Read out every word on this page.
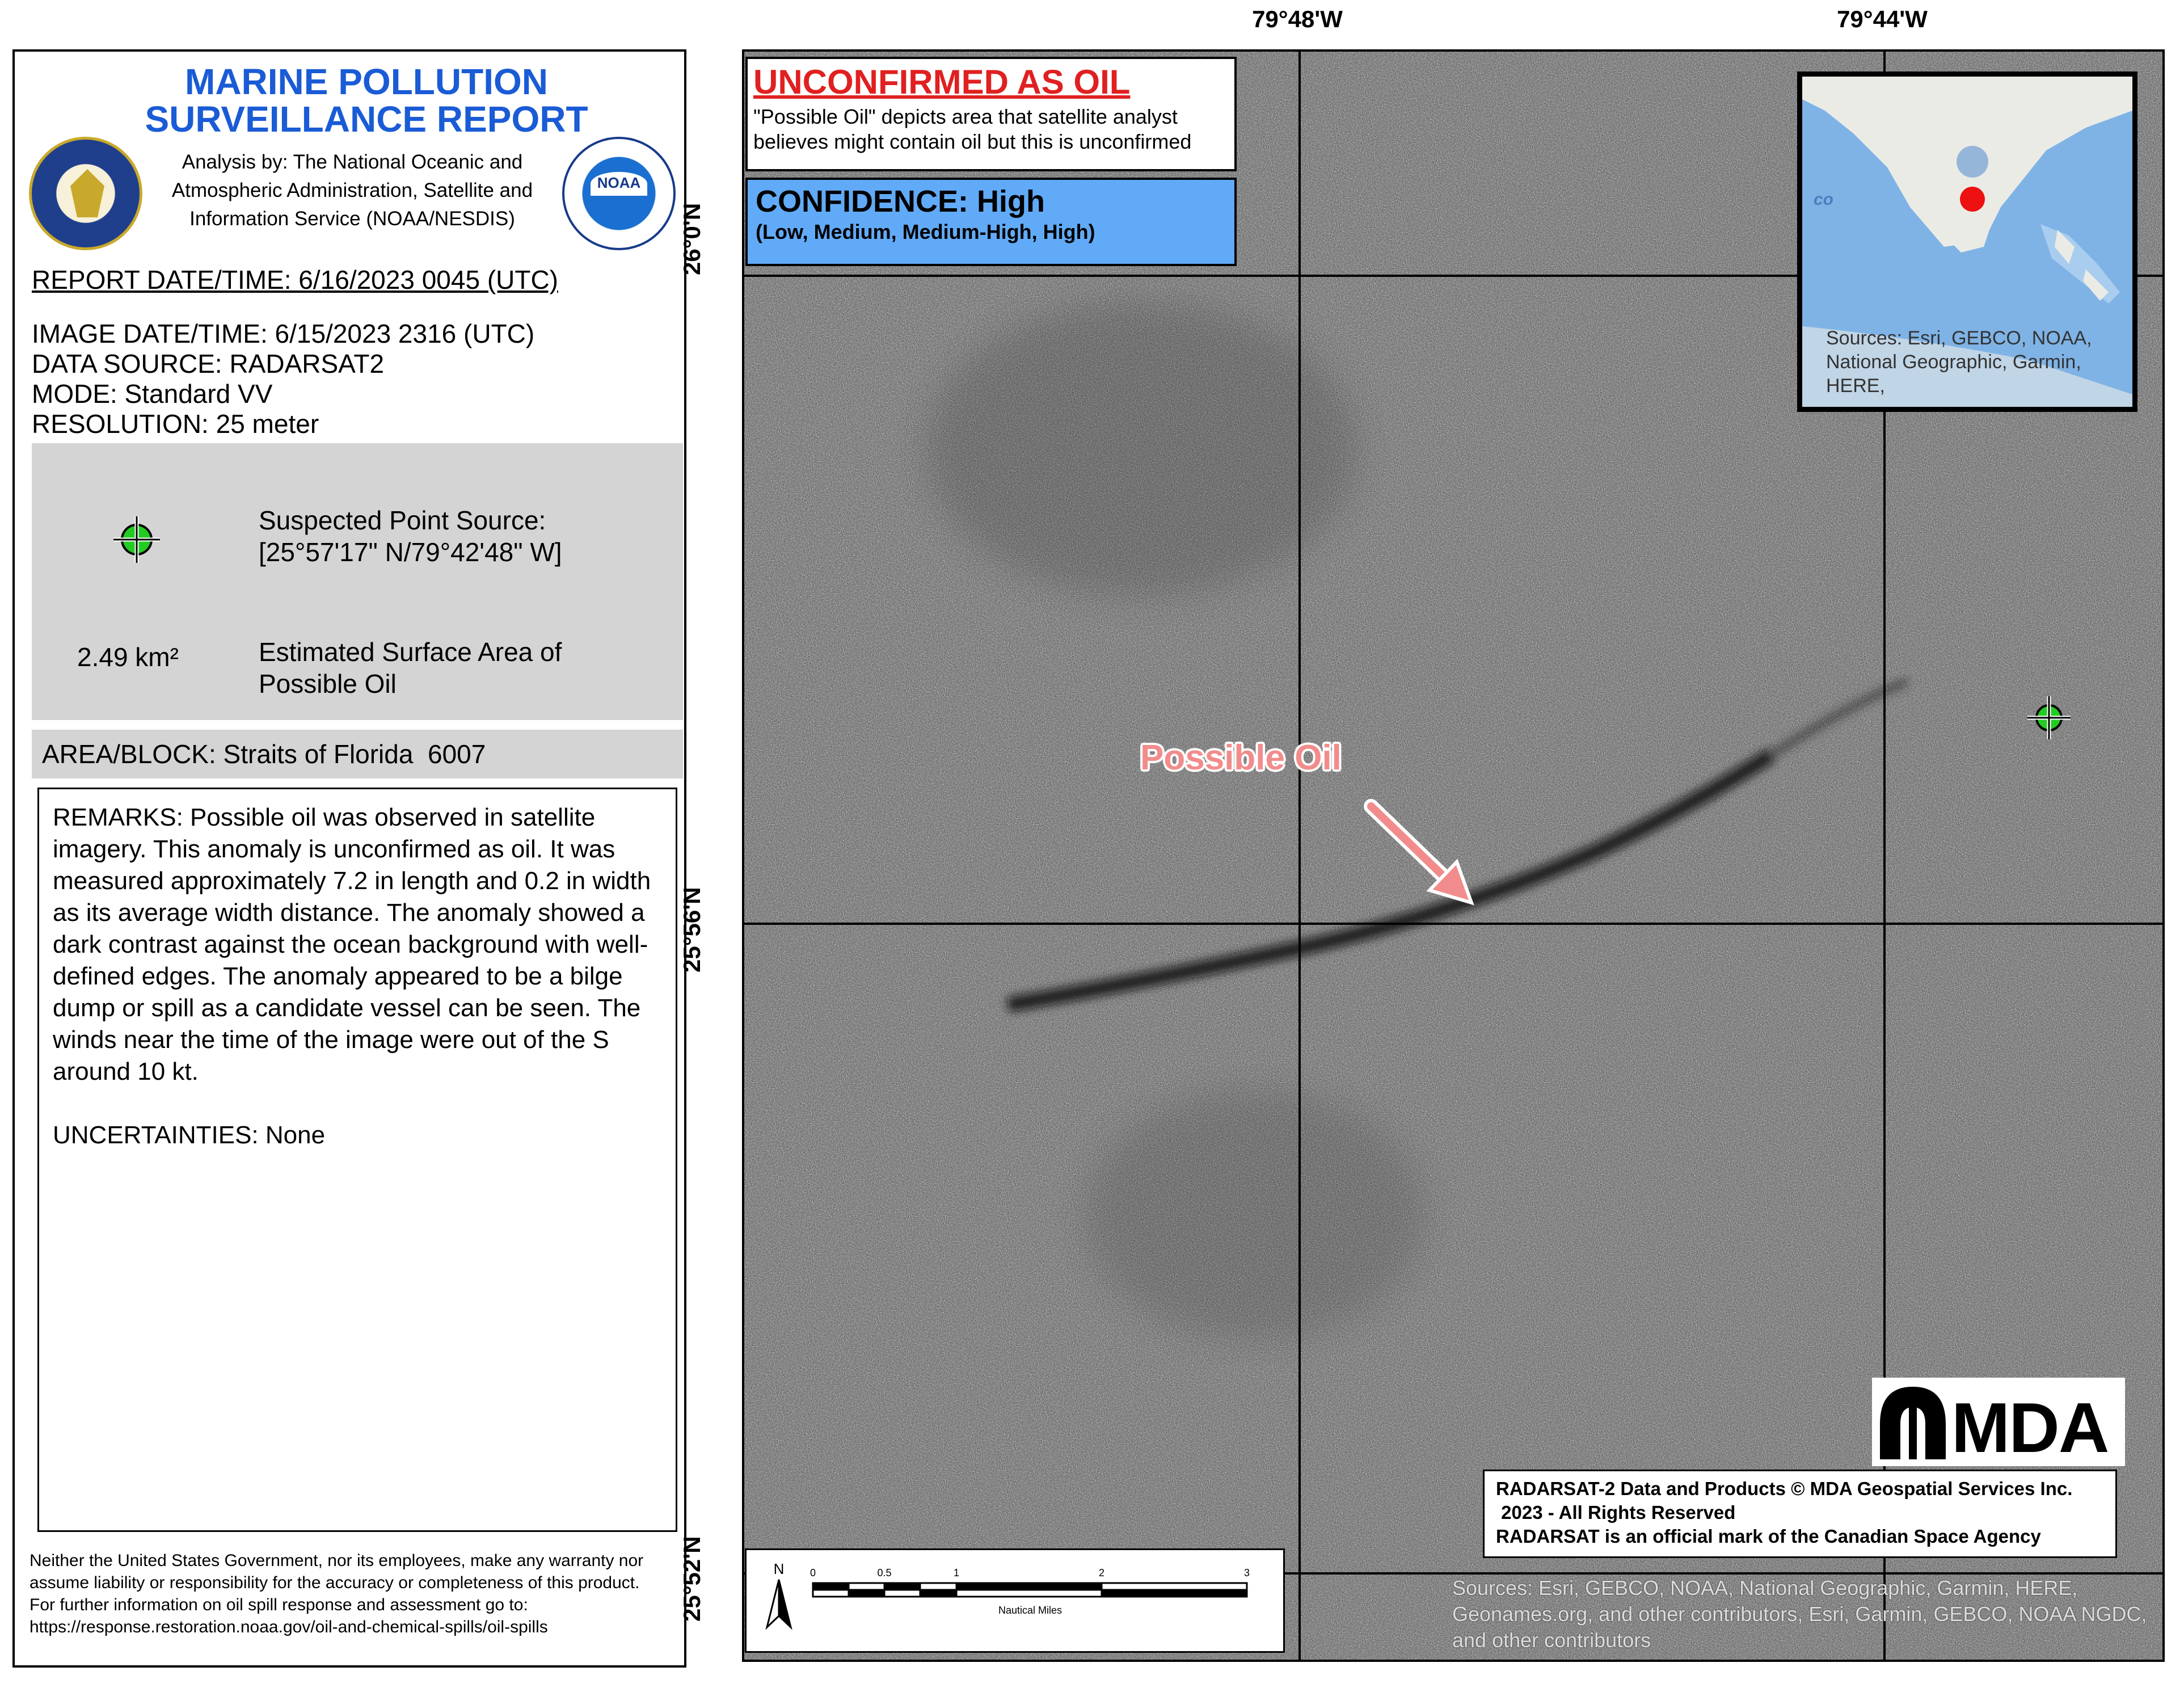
MARINE POLLUTION
SURVEILLANCE REPORT
Analysis by: The National Oceanic and Atmospheric Administration, Satellite and Information Service (NOAA/NESDIS)
NOAA
REPORT DATE/TIME: 6/16/2023 0045 (UTC)
IMAGE DATE/TIME: 6/15/2023 2316 (UTC)
DATA SOURCE: RADARSAT2
MODE: Standard VV
RESOLUTION: 25 meter
Suspected Point Source:
[25°57'17" N/79°42'48" W]
2.49 km²	Estimated Surface Area of
Possible Oil
AREA/BLOCK: Straits of Florida  6007
REMARKS: Possible oil was observed in satellite imagery. This anomaly is unconfirmed as oil. It was measured approximately 7.2 in length and 0.2 in width as its average width distance. The anomaly showed a dark contrast against the ocean background with well-defined edges. The anomaly appeared to be a bilge dump or spill as a candidate vessel can be seen. The winds near the time of the image were out of the S around 10 kt.
UNCERTAINTIES: None
Neither the United States Government, nor its employees, make any warranty nor assume liability or responsibility for the accuracy or completeness of this product.
For further information on oil spill response and assessment go to:
https://response.restoration.noaa.gov/oil-and-chemical-spills/oil-spills
79°48'W	79°44'W
26°0'N
25°56'N
25°52'N
UNCONFIRMED AS OIL
"Possible Oil" depicts area that satellite analyst
believes might contain oil but this is unconfirmed
CONFIDENCE: High
(Low, Medium, Medium-High, High)
co
Sources: Esri, GEBCO, NOAA, National Geographic, Garmin, HERE,
Possible Oil
MDA
RADARSAT-2 Data and Products © MDA Geospatial Services Inc.
2023 - All Rights Reserved
RADARSAT is an official mark of the Canadian Space Agency
N	0	0.5	1	2	3
Nautical Miles
Sources: Esri, GEBCO, NOAA, National Geographic, Garmin, HERE, Geonames.org, and other contributors, Esri, Garmin, GEBCO, NOAA NGDC, and other contributors
